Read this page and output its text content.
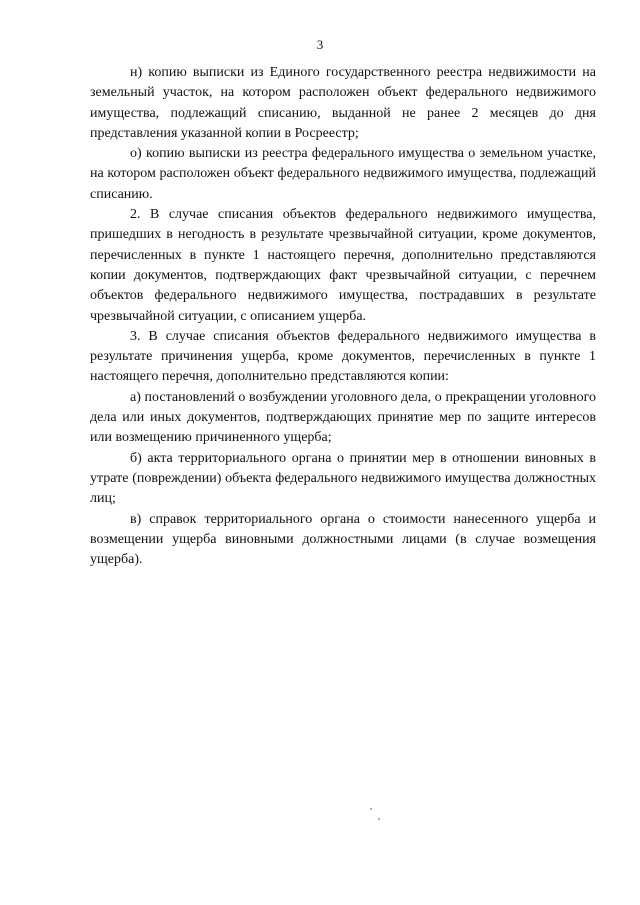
3

н) копию выписки из Единого государственного реестра недвижимости на земельный участок, на котором расположен объект федерального недвижимого имущества, подлежащий списанию, выданной не ранее 2 месяцев до дня представления указанной копии в Росреестр;

о) копию выписки из реестра федерального имущества о земельном участке, на котором расположен объект федерального недвижимого имущества, подлежащий списанию.

2. В случае списания объектов федерального недвижимого имущества, пришедших в негодность в результате чрезвычайной ситуации, кроме документов, перечисленных в пункте 1 настоящего перечня, дополнительно представляются копии документов, подтверждающих факт чрезвычайной ситуации, с перечнем объектов федерального недвижимого имущества, пострадавших в результате чрезвычайной ситуации, с описанием ущерба.

3. В случае списания объектов федерального недвижимого имущества в результате причинения ущерба, кроме документов, перечисленных в пункте 1 настоящего перечня, дополнительно представляются копии:

а) постановлений о возбуждении уголовного дела, о прекращении уголовного дела или иных документов, подтверждающих принятие мер по защите интересов или возмещению причиненного ущерба;

б) акта территориального органа о принятии мер в отношении виновных в утрате (повреждении) объекта федерального недвижимого имущества должностных лиц;

в) справок территориального органа о стоимости нанесенного ущерба и возмещении ущерба виновными должностными лицами (в случае возмещения ущерба).
